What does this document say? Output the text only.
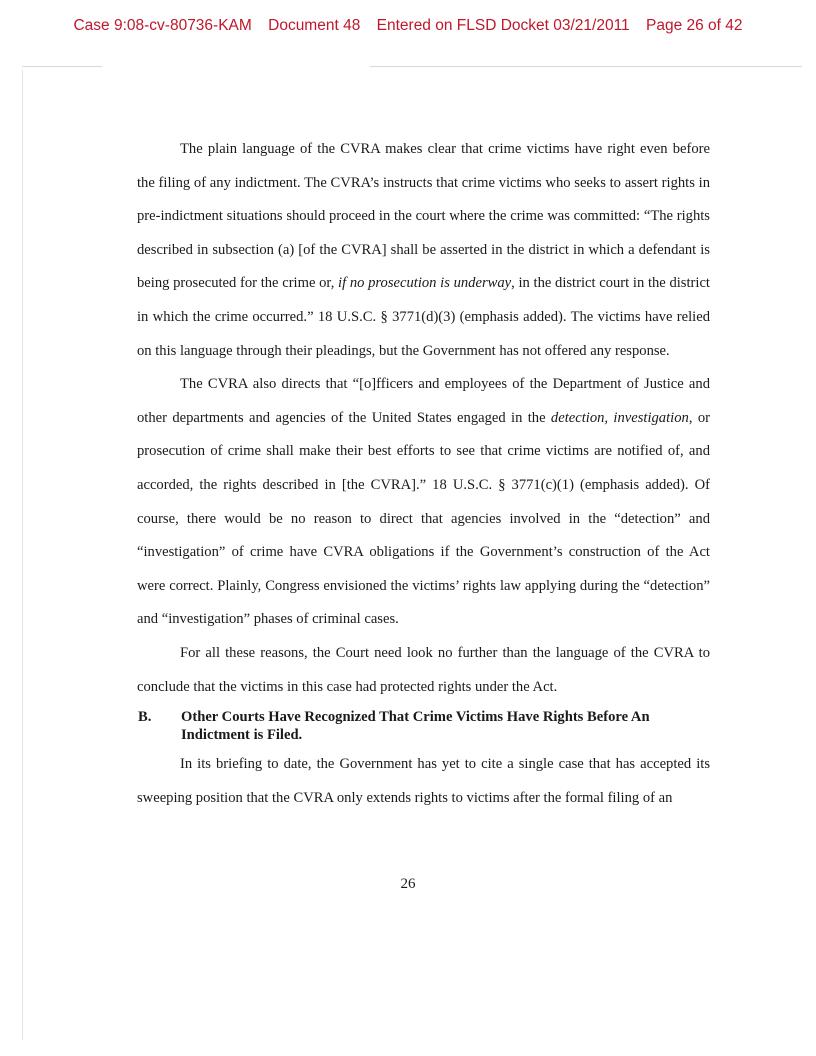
Case 9:08-cv-80736-KAM Document 48 Entered on FLSD Docket 03/21/2011 Page 26 of 42

The plain language of the CVRA makes clear that crime victims have right even before the filing of any indictment. The CVRA’s instructs that crime victims who seeks to assert rights in pre-indictment situations should proceed in the court where the crime was committed: “The rights described in subsection (a) [of the CVRA] shall be asserted in the district in which a defendant is being prosecuted for the crime or, if no prosecution is underway, in the district court in the district in which the crime occurred.” 18 U.S.C. § 3771(d)(3) (emphasis added). The victims have relied on this language through their pleadings, but the Government has not offered any response.

The CVRA also directs that “[o]fficers and employees of the Department of Justice and other departments and agencies of the United States engaged in the detection, investigation, or prosecution of crime shall make their best efforts to see that crime victims are notified of, and accorded, the rights described in [the CVRA].” 18 U.S.C. § 3771(c)(1) (emphasis added). Of course, there would be no reason to direct that agencies involved in the “detection” and “investigation” of crime have CVRA obligations if the Government’s construction of the Act were correct. Plainly, Congress envisioned the victims’ rights law applying during the “detection” and “investigation” phases of criminal cases.

For all these reasons, the Court need look no further than the language of the CVRA to conclude that the victims in this case had protected rights under the Act.

B.	Other Courts Have Recognized That Crime Victims Have Rights Before An Indictment is Filed.

In its briefing to date, the Government has yet to cite a single case that has accepted its sweeping position that the CVRA only extends rights to victims after the formal filing of an

26
